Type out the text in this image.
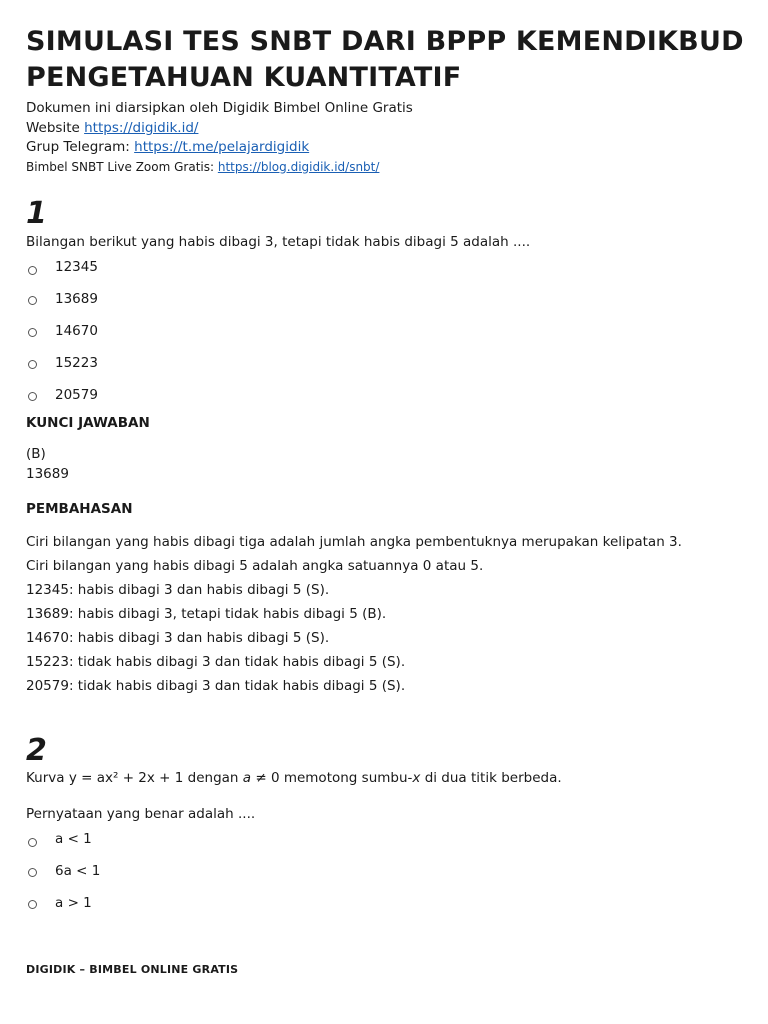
SIMULASI TES SNBT DARI BPPP KEMENDIKBUD
PENGETAHUAN KUANTITATIF
Dokumen ini diarsipkan oleh Digidik Bimbel Online Gratis
Website https://digidik.id/
Grup Telegram: https://t.me/pelajardigidik
Bimbel SNBT Live Zoom Gratis: https://blog.digidik.id/snbt/
1
Bilangan berikut yang habis dibagi 3, tetapi tidak habis dibagi 5 adalah ....
12345
13689
14670
15223
20579
KUNCI JAWABAN
(B)
13689
PEMBAHASAN
Ciri bilangan yang habis dibagi tiga adalah jumlah angka pembentuknya merupakan kelipatan 3.
Ciri bilangan yang habis dibagi 5 adalah angka satuannya 0 atau 5.
12345: habis dibagi 3 dan habis dibagi 5 (S).
13689: habis dibagi 3, tetapi tidak habis dibagi 5 (B).
14670: habis dibagi 3 dan habis dibagi 5 (S).
15223: tidak habis dibagi 3 dan tidak habis dibagi 5 (S).
20579: tidak habis dibagi 3 dan tidak habis dibagi 5 (S).
2
Kurva y = ax² + 2x + 1 dengan a ≠ 0 memotong sumbu-x di dua titik berbeda.
Pernyataan yang benar adalah ....
a < 1
6a < 1
a > 1
DIGIDIK – BIMBEL ONLINE GRATIS
